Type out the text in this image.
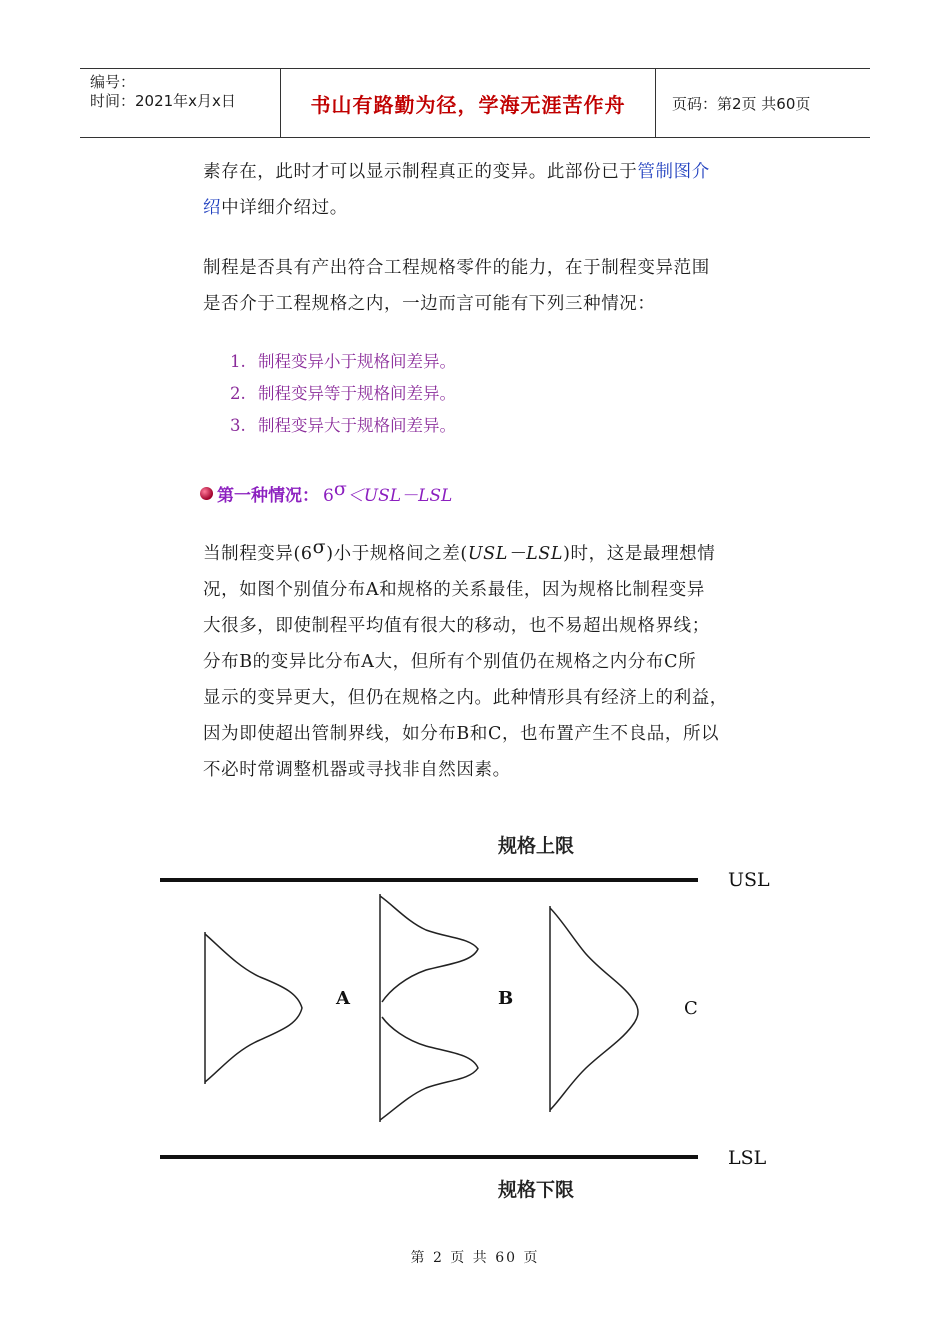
编号：
时间：2021年x月x日	书山有路勤为径，学海无涯苦作舟	页码：第2页 共60页
素存在，此时才可以显示制程真正的变异。此部份已于管制图介
绍中详细介绍过。
制程是否具有产出符合工程规格零件的能力，在于制程变异范围
是否介于工程规格之内，一边而言可能有下列三种情况：
1. 制程变异小于规格间差异。
2. 制程变异等于规格间差异。
3. 制程变异大于规格间差异。
第一种情况： 6σ＜USL－LSL
当制程变异(6σ)小于规格间之差(USL－LSL)时，这是最理想情
况，如图个别值分布A和规格的关系最佳，因为规格比制程变异
大很多，即使制程平均值有很大的移动，也不易超出规格界线；
分布B的变异比分布A大，但所有个别值仍在规格之内分布C所
显示的变异更大，但仍在规格之内。此种情形具有经济上的利益，
因为即使超出管制界线，如分布B和C，也布置产生不良品，所以
不必时常调整机器或寻找非自然因素。
规格上限
USL
A	B	C
LSL
规格下限
第 2 页 共 60 页
